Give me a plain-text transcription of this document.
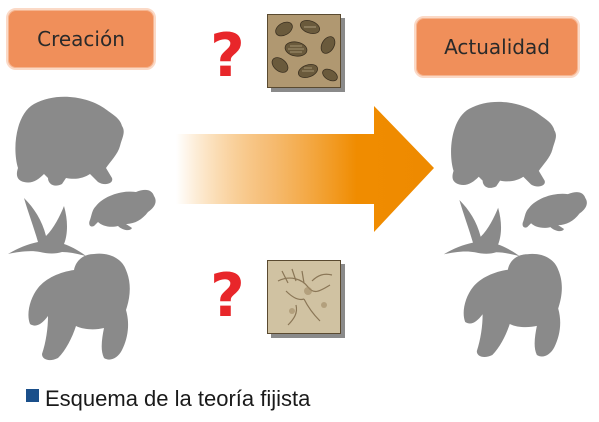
Creación	Actualidad
?
?
Esquema de la teoría fijista
